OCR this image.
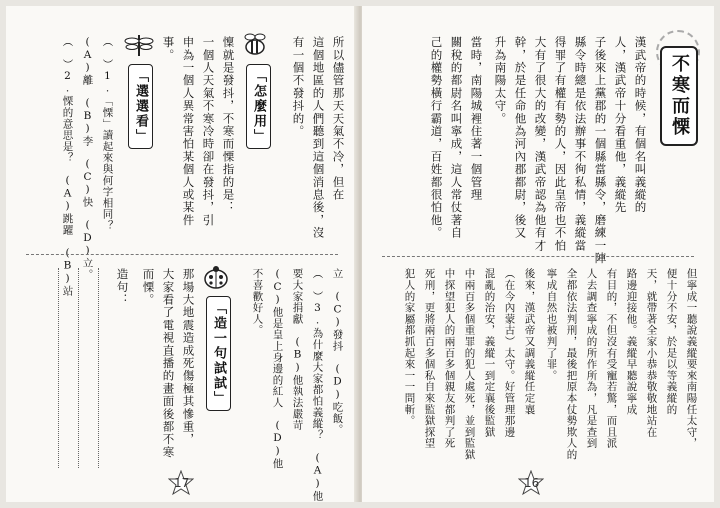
所以儘管那天天氣不冷，但在
這個地區的人們聽到這個消息後，沒
有一個不發抖的。
「怎麼用」
懍就是發抖，不寒而慄指的是：
一個人天氣不寒冷時卻在發抖，引
申為一個人異常害怕某個人或某件
事。
「選選看」
（　）1.「慄」讀起來與何字相同？
(A)離　(B)李　(C)快　(D)立。
（　）2.慄的意思是？　(A)跳躍　(B)站
立　(C)發抖　(D)吃飯。
（　）3.為什麼大家都怕義縱？　(A)他
要大家捐獻　(B)他執法嚴苛
(C)他是皇上身邊的紅人　(D)他
不喜歡好人。
「造一句試試」
那場大地震造成死傷極其慘重，
大家看了電視直播的畫面後都不寒
而慄。
造句：
17
不寒而慄
漢武帝的時候，有個名叫義縱的
人，漢武帝十分看重他，義縱先
子後來上黨郡的一個縣當縣令，磨練一陣
縣令時總是依法辦事不徇私情，義縱當
得罪了有權有勢的人，因此皇帝也不怕
大有了很大的改變，漢武帝認為他有才
幹，於是任命他為河內郡都尉，後又
升為南陽太守。
當時，南陽城裡住著一個管理
關稅的都尉名叫寧成，這人常仗著自
己的權勢橫行霸道，百姓都很怕他。
但寧成一聽說義縱要來南陽任太守，
便十分不安，於是以等義縱的
天，就帶著全家小恭恭敬敬地站在
路邊迎接他。義縱早聽說寧成
有目的，不但沒有受寵若驚，而且派
人去調查寧成的所作所為，凡是查到
全都依法判刑，最後把原本仗勢欺人的
寧成自然也被判了罪。
後來，漢武帝又調義縱任定襄
（在今內蒙古）太守。好管理那邊
混亂的治安，義縱一到定襄後監獄
中兩百多個重罪的犯人處死，並到監獄
中探望犯人的兩百多個親友都判了死
死刑，更將兩百多個私自來監獄探望
犯人的家屬都抓起來一一問斬。
16
